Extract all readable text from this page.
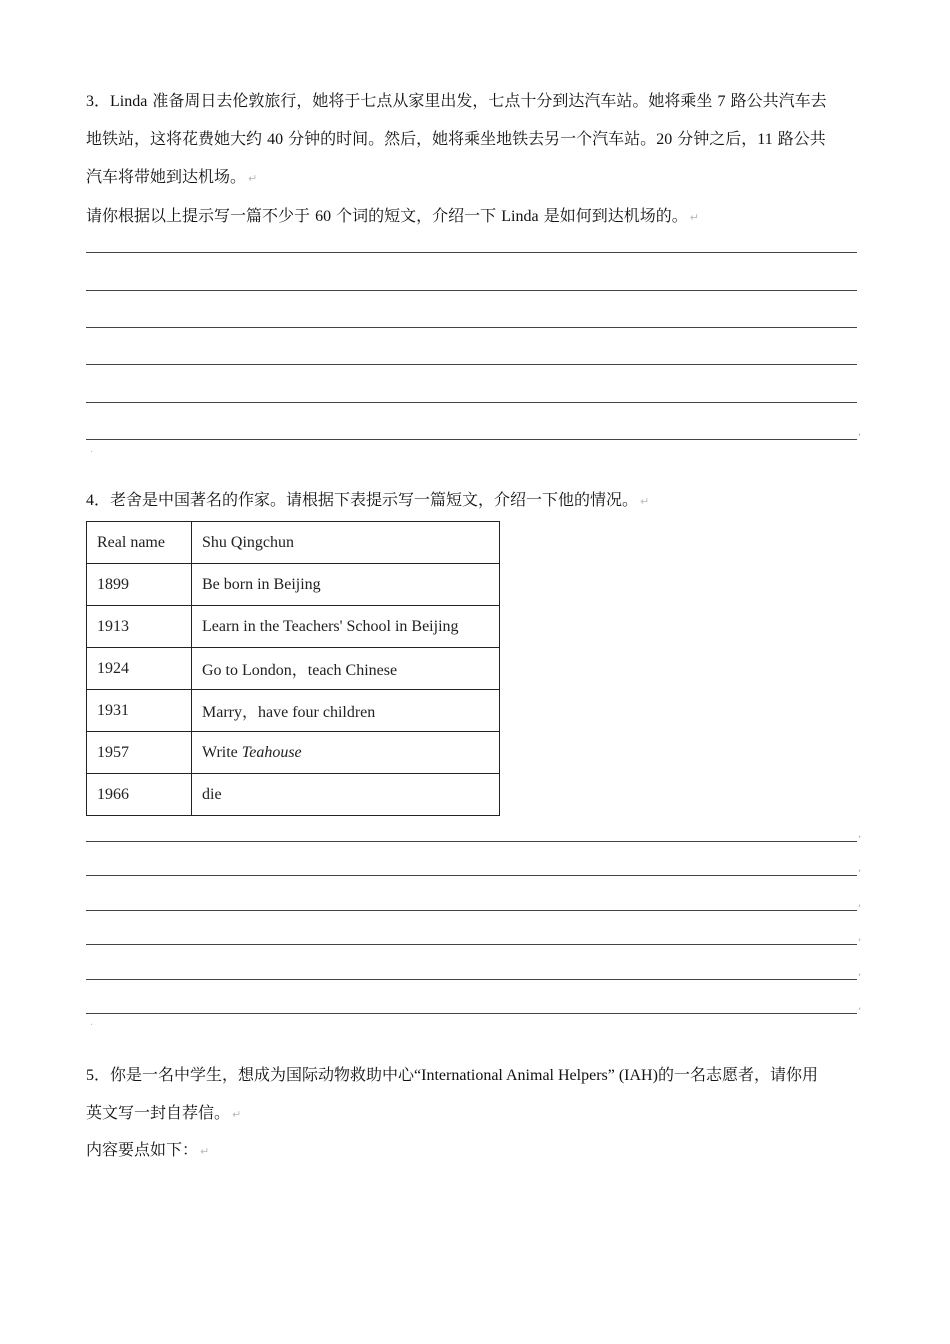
3．Linda 准备周日去伦敦旅行，她将于七点从家里出发，七点十分到达汽车站。她将乘坐 7 路公共汽车去
地铁站，这将花费她大约 40 分钟的时间。然后，她将乘坐地铁去另一个汽车站。20 分钟之后，11 路公共
汽车将带她到达机场。 ↵
请你根据以上提示写一篇不少于 60 个词的短文，介绍一下 Linda 是如何到达机场的。 ↵
,
·
4．老舍是中国著名的作家。请根据下表提示写一篇短文，介绍一下他的情况。 ↵
Real name	Shu Qingchun
1899	Be born in Beijing
1913	Learn in the Teachers' School in Beijing
1924	Go to London，teach Chinese
1931	Marry，have four children
1957	Write Teahouse
1966	die
,
,
,
,
,
,
·
5．你是一名中学生，想成为国际动物救助中心“International Animal Helpers” (IAH)的一名志愿者，请你用
英文写一封自荐信。 ↵
内容要点如下： ↵
